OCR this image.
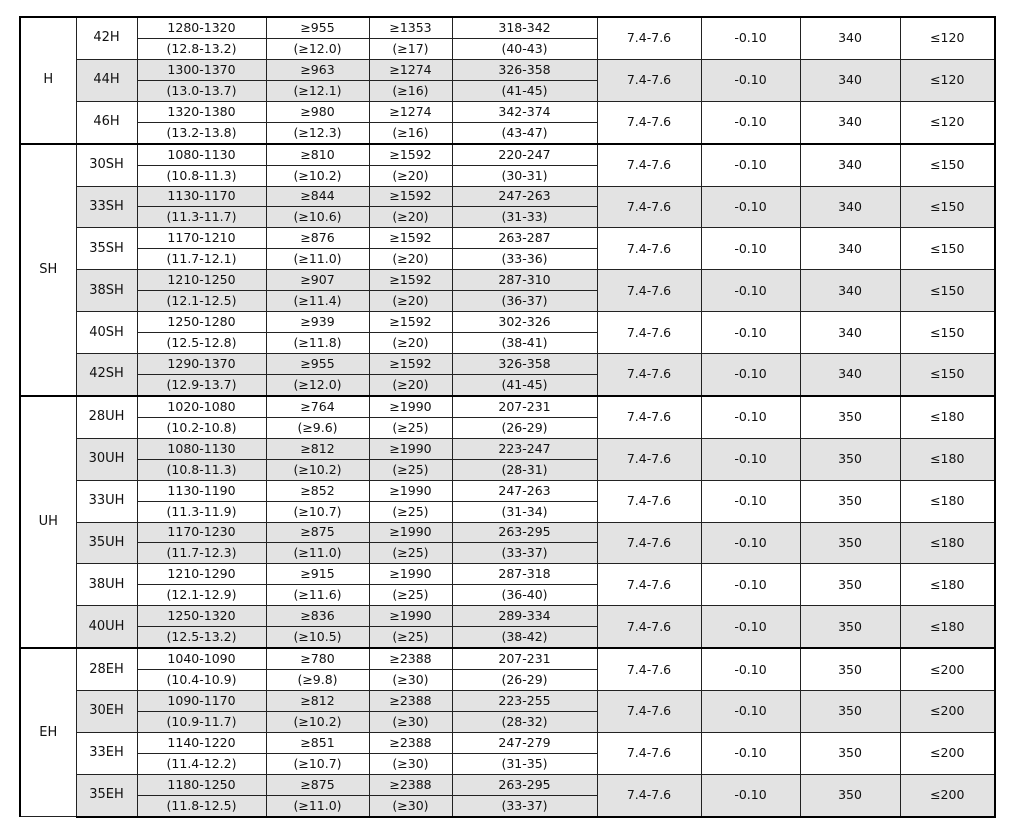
H	42H	1280-1320	≥955	≥1353	318-342	7.4-7.6	-0.10	340	≤120
		(12.8-13.2)	(≥12.0)	(≥17)	(40-43)				
	44H	1300-1370	≥963	≥1274	326-358	7.4-7.6	-0.10	340	≤120
		(13.0-13.7)	(≥12.1)	(≥16)	(41-45)				
	46H	1320-1380	≥980	≥1274	342-374	7.4-7.6	-0.10	340	≤120
		(13.2-13.8)	(≥12.3)	(≥16)	(43-47)				
SH	30SH	1080-1130	≥810	≥1592	220-247	7.4-7.6	-0.10	340	≤150
		(10.8-11.3)	(≥10.2)	(≥20)	(30-31)				
	33SH	1130-1170	≥844	≥1592	247-263	7.4-7.6	-0.10	340	≤150
		(11.3-11.7)	(≥10.6)	(≥20)	(31-33)				
	35SH	1170-1210	≥876	≥1592	263-287	7.4-7.6	-0.10	340	≤150
		(11.7-12.1)	(≥11.0)	(≥20)	(33-36)				
	38SH	1210-1250	≥907	≥1592	287-310	7.4-7.6	-0.10	340	≤150
		(12.1-12.5)	(≥11.4)	(≥20)	(36-37)				
	40SH	1250-1280	≥939	≥1592	302-326	7.4-7.6	-0.10	340	≤150
		(12.5-12.8)	(≥11.8)	(≥20)	(38-41)				
	42SH	1290-1370	≥955	≥1592	326-358	7.4-7.6	-0.10	340	≤150
		(12.9-13.7)	(≥12.0)	(≥20)	(41-45)				
UH	28UH	1020-1080	≥764	≥1990	207-231	7.4-7.6	-0.10	350	≤180
		(10.2-10.8)	(≥9.6)	(≥25)	(26-29)				
	30UH	1080-1130	≥812	≥1990	223-247	7.4-7.6	-0.10	350	≤180
		(10.8-11.3)	(≥10.2)	(≥25)	(28-31)				
	33UH	1130-1190	≥852	≥1990	247-263	7.4-7.6	-0.10	350	≤180
		(11.3-11.9)	(≥10.7)	(≥25)	(31-34)				
	35UH	1170-1230	≥875	≥1990	263-295	7.4-7.6	-0.10	350	≤180
		(11.7-12.3)	(≥11.0)	(≥25)	(33-37)				
	38UH	1210-1290	≥915	≥1990	287-318	7.4-7.6	-0.10	350	≤180
		(12.1-12.9)	(≥11.6)	(≥25)	(36-40)				
	40UH	1250-1320	≥836	≥1990	289-334	7.4-7.6	-0.10	350	≤180
		(12.5-13.2)	(≥10.5)	(≥25)	(38-42)				
EH	28EH	1040-1090	≥780	≥2388	207-231	7.4-7.6	-0.10	350	≤200
		(10.4-10.9)	(≥9.8)	(≥30)	(26-29)				
	30EH	1090-1170	≥812	≥2388	223-255	7.4-7.6	-0.10	350	≤200
		(10.9-11.7)	(≥10.2)	(≥30)	(28-32)				
	33EH	1140-1220	≥851	≥2388	247-279	7.4-7.6	-0.10	350	≤200
		(11.4-12.2)	(≥10.7)	(≥30)	(31-35)				
	35EH	1180-1250	≥875	≥2388	263-295	7.4-7.6	-0.10	350	≤200
		(11.8-12.5)	(≥11.0)	(≥30)	(33-37)				
